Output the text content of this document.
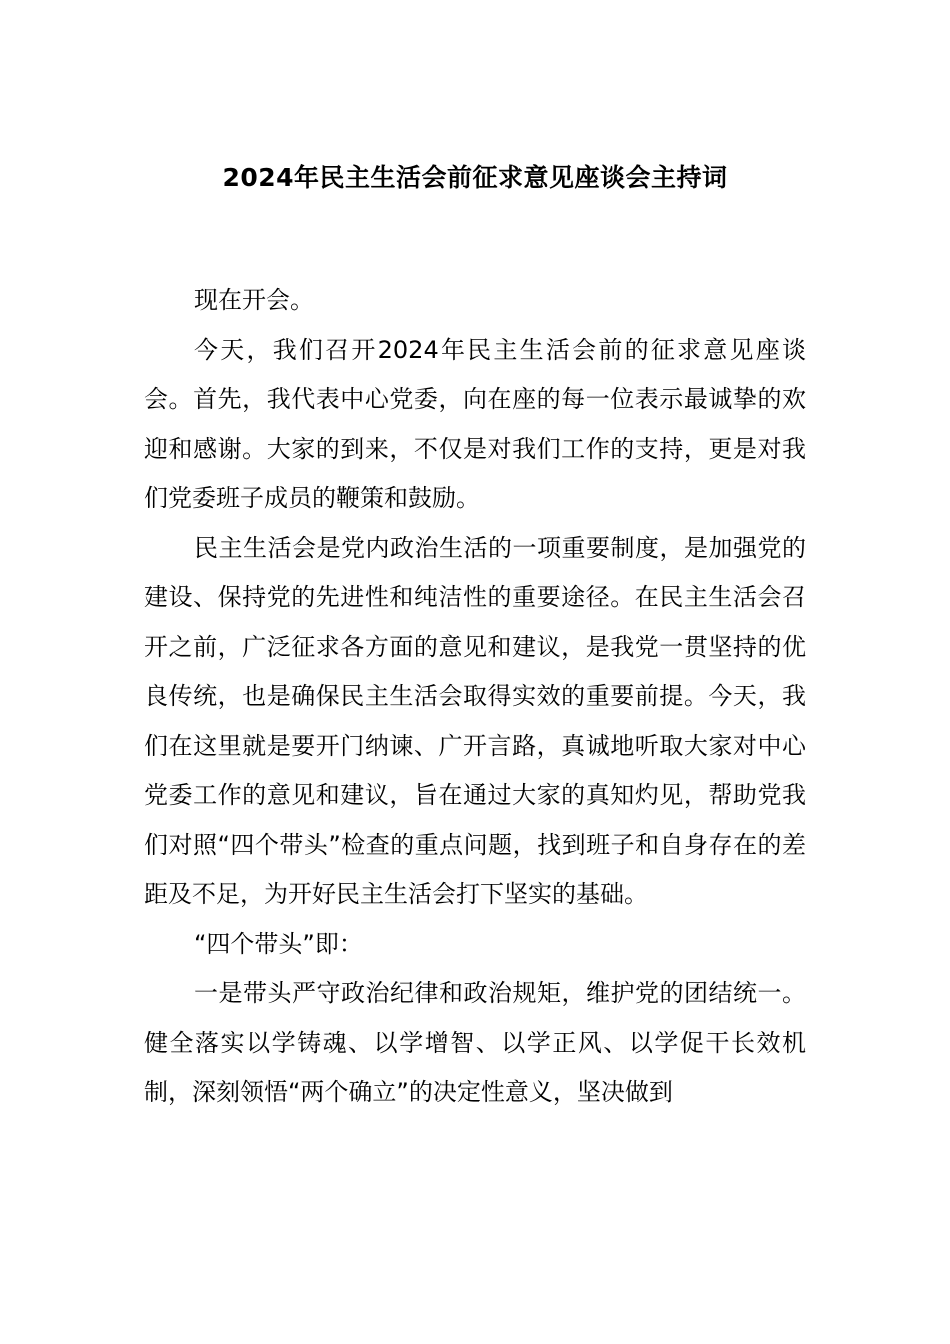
2024年民主生活会前征求意见座谈会主持词

现在开会。

今天，我们召开2024年民主生活会前的征求意见座谈会。首先，我代表中心党委，向在座的每一位表示最诚挚的欢迎和感谢。大家的到来，不仅是对我们工作的支持，更是对我们党委班子成员的鞭策和鼓励。

民主生活会是党内政治生活的一项重要制度，是加强党的建设、保持党的先进性和纯洁性的重要途径。在民主生活会召开之前，广泛征求各方面的意见和建议，是我党一贯坚持的优良传统，也是确保民主生活会取得实效的重要前提。今天，我们在这里就是要开门纳谏、广开言路，真诚地听取大家对中心党委工作的意见和建议，旨在通过大家的真知灼见，帮助党我们对照“四个带头”检查的重点问题，找到班子和自身存在的差距及不足，为开好民主生活会打下坚实的基础。

“四个带头”即：

一是带头严守政治纪律和政治规矩，维护党的团结统一。健全落实以学铸魂、以学增智、以学正风、以学促干长效机制，深刻领悟“两个确立”的决定性意义，坚决做到
